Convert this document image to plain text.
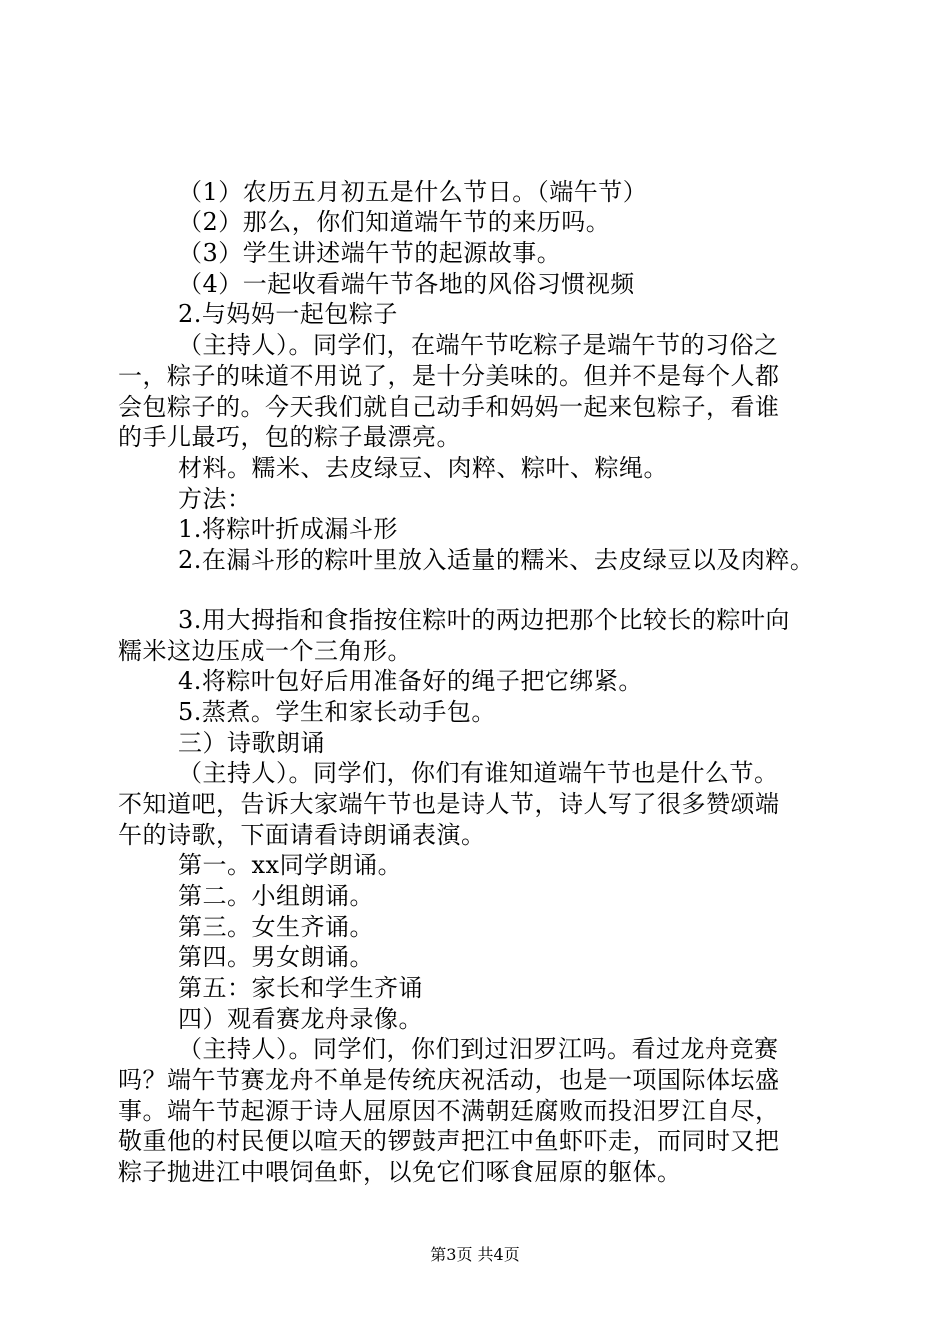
（1）农历五月初五是什么节日。（端午节）
（2）那么，你们知道端午节的来历吗。
（3）学生讲述端午节的起源故事。
（4）一起收看端午节各地的风俗习惯视频
2.与妈妈一起包粽子
（主持人）。同学们，在端午节吃粽子是端午节的习俗之
一，粽子的味道不用说了，是十分美味的。但并不是每个人都
会包粽子的。今天我们就自己动手和妈妈一起来包粽子，看谁
的手儿最巧，包的粽子最漂亮。
材料。糯米、去皮绿豆、肉粹、粽叶、粽绳。
方法：
1.将粽叶折成漏斗形
2.在漏斗形的粽叶里放入适量的糯米、去皮绿豆以及肉粹。
3.用大拇指和食指按住粽叶的两边把那个比较长的粽叶向
糯米这边压成一个三角形。
4.将粽叶包好后用准备好的绳子把它绑紧。
5.蒸煮。学生和家长动手包。
三）诗歌朗诵
（主持人）。同学们，你们有谁知道端午节也是什么节。
不知道吧，告诉大家端午节也是诗人节，诗人写了很多赞颂端
午的诗歌，下面请看诗朗诵表演。
第一。xx同学朗诵。
第二。小组朗诵。
第三。女生齐诵。
第四。男女朗诵。
第五：家长和学生齐诵
四）观看赛龙舟录像。
（主持人）。同学们，你们到过汨罗江吗。看过龙舟竞赛
吗？端午节赛龙舟不单是传统庆祝活动，也是一项国际体坛盛
事。端午节起源于诗人屈原因不满朝廷腐败而投汨罗江自尽，
敬重他的村民便以喧天的锣鼓声把江中鱼虾吓走，而同时又把
粽子抛进江中喂饲鱼虾，以免它们啄食屈原的躯体。
第3页 共4页
